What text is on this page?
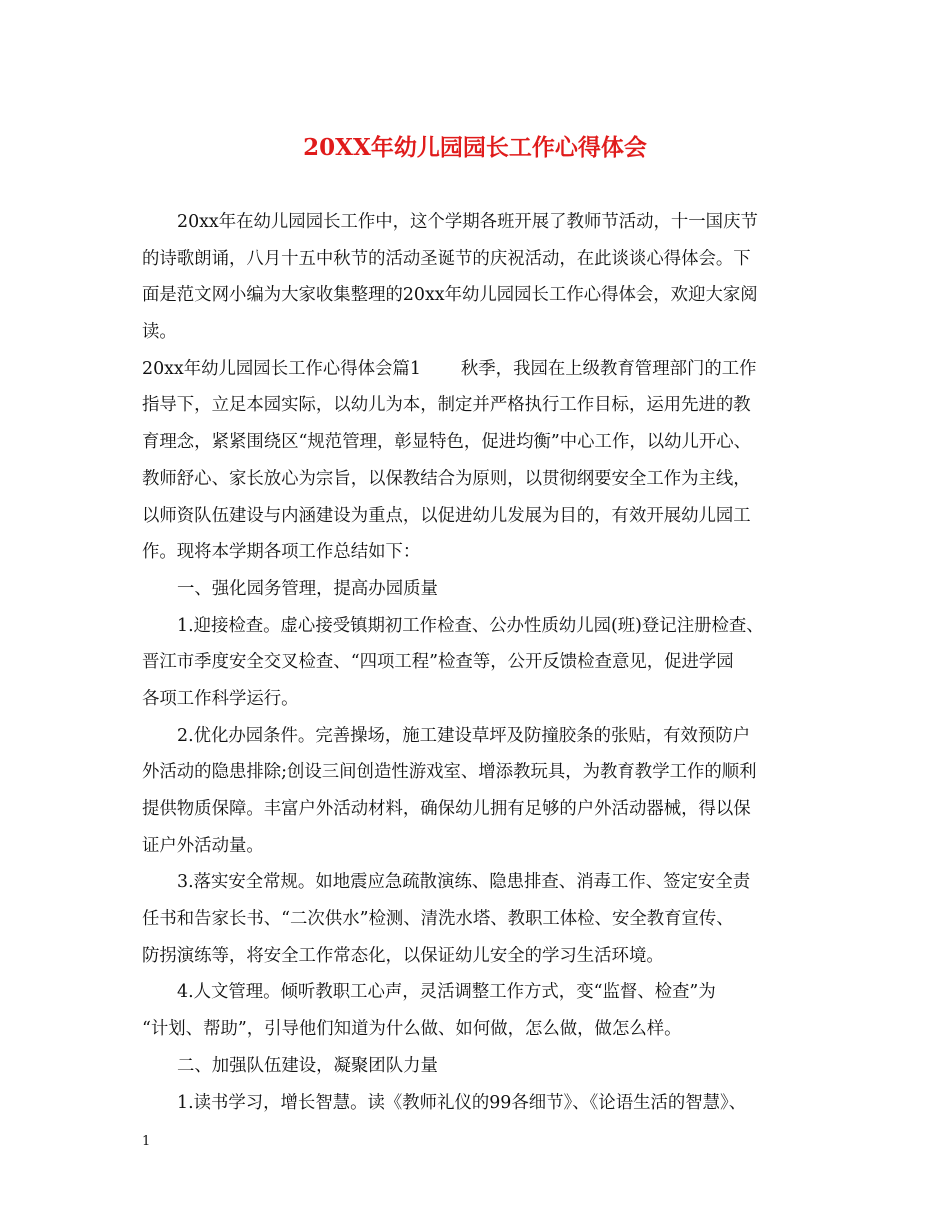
20XX年幼儿园园长工作心得体会
20xx年在幼儿园园长工作中，这个学期各班开展了教师节活动，十一国庆节
的诗歌朗诵，八月十五中秋节的活动圣诞节的庆祝活动，在此谈谈心得体会。下
面是范文网小编为大家收集整理的20xx年幼儿园园长工作心得体会，欢迎大家阅
读。
20xx年幼儿园园长工作心得体会篇1 秋季，我园在上级教育管理部门的工作
指导下，立足本园实际，以幼儿为本，制定并严格执行工作目标，运用先进的教
育理念，紧紧围绕区“规范管理，彰显特色，促进均衡”中心工作，以幼儿开心、
教师舒心、家长放心为宗旨，以保教结合为原则，以贯彻纲要安全工作为主线，
以师资队伍建设与内涵建设为重点，以促进幼儿发展为目的，有效开展幼儿园工
作。现将本学期各项工作总结如下：
一、强化园务管理，提高办园质量
1.迎接检查。虚心接受镇期初工作检查、公办性质幼儿园(班)登记注册检查、
晋江市季度安全交叉检查、“四项工程”检查等，公开反馈检查意见，促进学园
各项工作科学运行。
2.优化办园条件。完善操场，施工建设草坪及防撞胶条的张贴，有效预防户
外活动的隐患排除;创设三间创造性游戏室、增添教玩具，为教育教学工作的顺利
提供物质保障。丰富户外活动材料，确保幼儿拥有足够的户外活动器械，得以保
证户外活动量。
3.落实安全常规。如地震应急疏散演练、隐患排查、消毒工作、签定安全责
任书和告家长书、“二次供水”检测、清洗水塔、教职工体检、安全教育宣传、
防拐演练等，将安全工作常态化，以保证幼儿安全的学习生活环境。
4.人文管理。倾听教职工心声，灵活调整工作方式，变“监督、检查”为
“计划、帮助”，引导他们知道为什么做、如何做，怎么做，做怎么样。
二、加强队伍建设，凝聚团队力量
1.读书学习，增长智慧。读《教师礼仪的99各细节》、《论语生活的智慧》、
1
